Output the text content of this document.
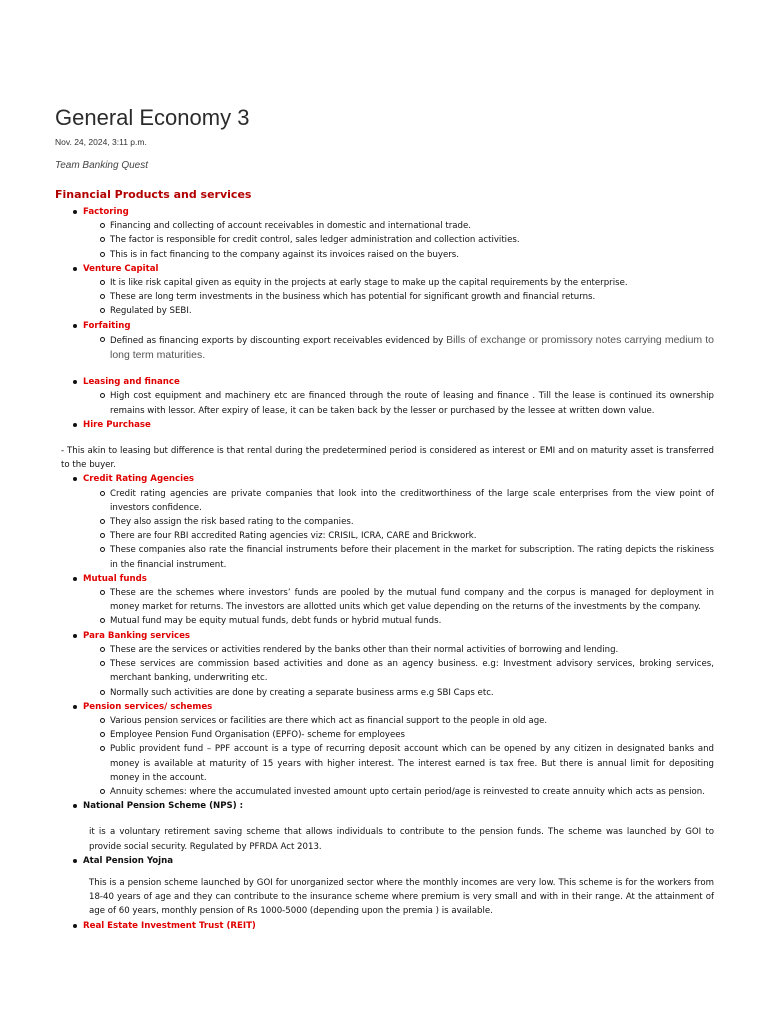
General Economy 3
Nov. 24, 2024, 3:11 p.m.
Team Banking Quest
Financial Products and services
Factoring
Financing and collecting of account receivables in domestic and international trade.
The factor is responsible for credit control, sales ledger administration and collection activities.
This is in fact financing to the company against its invoices raised on the buyers.
Venture Capital
It is like risk capital given as equity in the projects at early stage to make up the capital requirements by the enterprise.
These are long term investments in the business which has potential for significant growth and financial returns.
Regulated by SEBI.
Forfaiting
Defined as financing exports by discounting export receivables evidenced by Bills of exchange or promissory notes carrying medium to long term maturities.
Leasing and finance
High cost equipment and machinery etc are financed through the route of leasing and finance . Till the lease is continued its ownership remains with lessor. After expiry of lease, it can be taken back by the lesser or purchased by the lessee at written down value.
Hire Purchase

- This akin to leasing but difference is that rental during the predetermined period is considered as interest or EMI and on maturity asset is transferred to the buyer.

Credit Rating Agencies
Credit rating agencies are private companies that look into the creditworthiness of the large scale enterprises from the view point of investors confidence.
They also assign the risk based rating to the companies.
There are four RBI accredited Rating agencies viz: CRISIL, ICRA, CARE and Brickwork.
These companies also rate the financial instruments before their placement in the market for subscription. The rating depicts the riskiness in the financial instrument.
Mutual funds
These are the schemes where investors’ funds are pooled by the mutual fund company and the corpus is managed for deployment in money market for returns. The investors are allotted units which get value depending on the returns of the investments by the company.
Mutual fund may be equity mutual funds, debt funds or hybrid mutual funds.
Para Banking services
These are the services or activities rendered by the banks other than their normal activities of borrowing and lending.
These services are commission based activities and done as an agency business. e.g: Investment advisory services, broking services, merchant banking, underwriting etc.
Normally such activities are done by creating a separate business arms e.g SBI Caps etc.
Pension services/ schemes
Various pension services or facilities are there which act as financial support to the people in old age.
Employee Pension Fund Organisation (EPFO)- scheme for employees
Public provident fund – PPF account is a type of recurring deposit account which can be opened by any citizen in designated banks and money is available at maturity of 15 years with higher interest. The interest earned is tax free. But there is annual limit for depositing money in the account.
Annuity schemes: where the accumulated invested amount upto certain period/age is reinvested to create annuity which acts as pension.
National Pension Scheme (NPS) :

it is a voluntary retirement saving scheme that allows individuals to contribute to the pension funds. The scheme was launched by GOI to provide social security. Regulated by PFRDA Act 2013.

Atal Pension Yojna

This is a pension scheme launched by GOI for unorganized sector where the monthly incomes are very low. This scheme is for the workers from 18-40 years of age and they can contribute to the insurance scheme where premium is very small and with in their range. At the attainment of age of 60 years, monthly pension of Rs 1000-5000 (depending upon the premia ) is available.

Real Estate Investment Trust (REIT)
